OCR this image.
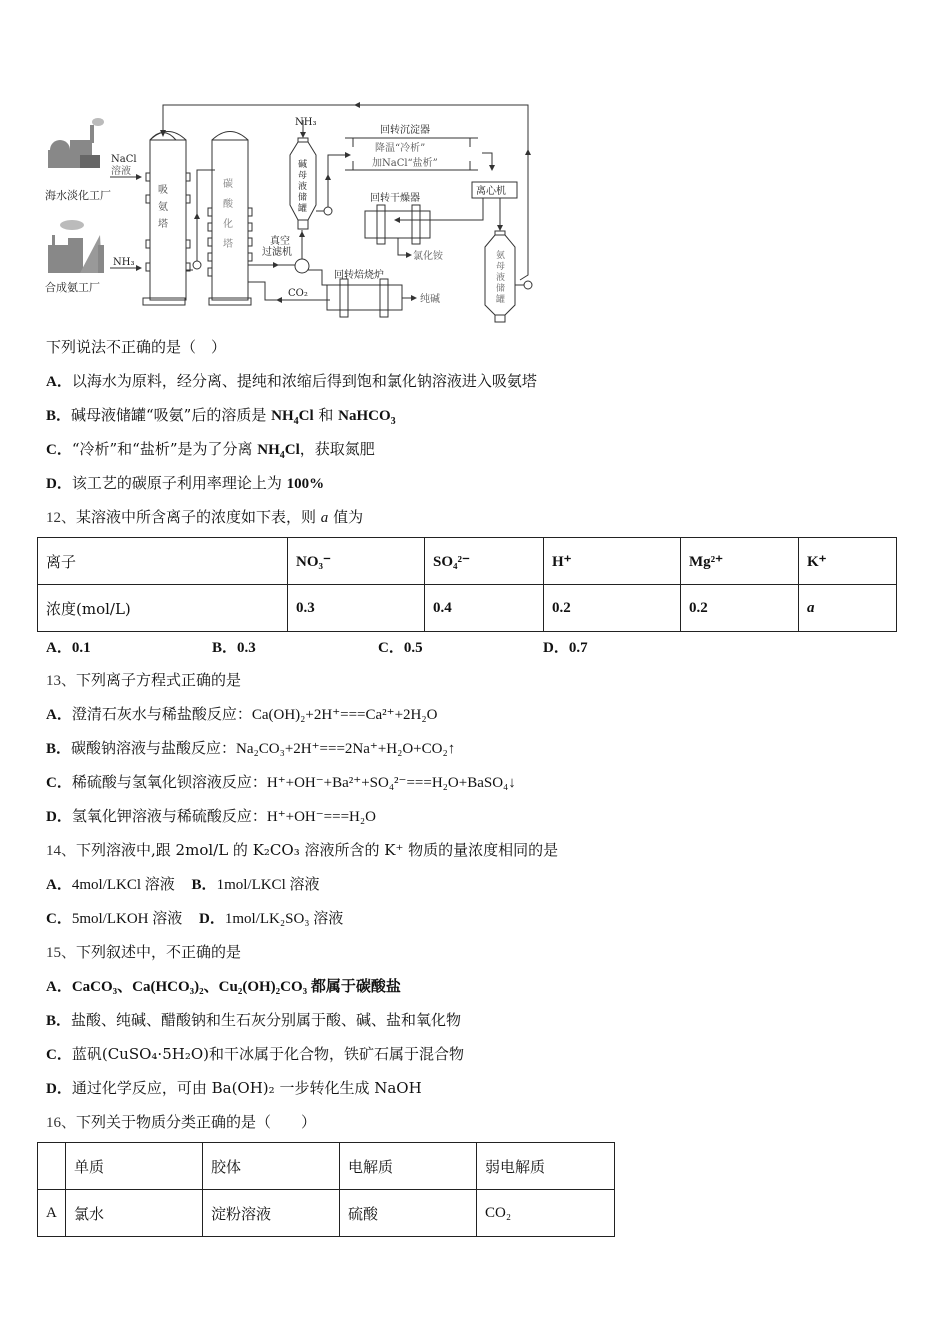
海水淡化工厂
合成氨工厂
NaCl
溶液
NH₃
吸
氨
塔
碳
酸
化
塔
NH₃
碱
母
液
储
罐
回转沉淀器
降温“冷析”
加NaCl“盐析”
离心机
回转干燥器
氯化铵
真空
过滤机
回转焙烧炉
CO₂
纯碱
氨
母
液
储
罐
下列说法不正确的是（　）
A．以海水为原料，经分离、提纯和浓缩后得到饱和氯化钠溶液进入吸氨塔
B．碱母液储罐“吸氨”后的溶质是 $NH_4Cl$ 和 NaHCO$_3$
C．“冷析”和“盐析”是为了分离 $NH_4Cl$，获取氮肥
D．该工艺的碳原子利用率理论上为 100%
12、某溶液中所含离子的浓度如下表，则 a 值为
离子	NO₃⁻	SO₄²⁻	H⁺	Mg²⁺	K⁺
浓度(mol/L)	0.3	0.4	0.2	0.2	a
A．0.1	B．0.3	C．0.5	D．0.7
13、下列离子方程式正确的是
A．澄清石灰水与稀盐酸反应：Ca(OH)₂+2H⁺===Ca²⁺+2H₂O
B．碳酸钠溶液与盐酸反应：Na₂CO₃+2H⁺===2Na⁺+H₂O+CO₂↑
C．稀硫酸与氢氧化钡溶液反应：H⁺+OH⁻+Ba²⁺+SO₄²⁻===H₂O+BaSO₄↓
D．氢氧化钾溶液与稀硫酸反应：H⁺+OH⁻===H₂O
14、下列溶液中,跟 2mol/L 的 K₂CO₃ 溶液所含的 K⁺ 物质的量浓度相同的是
A．4mol/LKCl 溶液 B．1mol/LKCl 溶液
C．5mol/LKOH 溶液 D．1mol/LK₂SO₃ 溶液
15、下列叙述中，不正确的是
A．CaCO₃、Ca(HCO₃)₂、Cu₂(OH)₂CO₃ 都属于碳酸盐
B．盐酸、纯碱、醋酸钠和生石灰分别属于酸、碱、盐和氧化物
C．蓝矾(CuSO₄·5H₂O)和干冰属于化合物，铁矿石属于混合物
D．通过化学反应，可由 Ba(OH)₂ 一步转化生成 NaOH
16、下列关于物质分类正确的是（　　）
	单质	胶体	电解质	弱电解质
A	氯水	淀粉溶液	硫酸	CO₂
